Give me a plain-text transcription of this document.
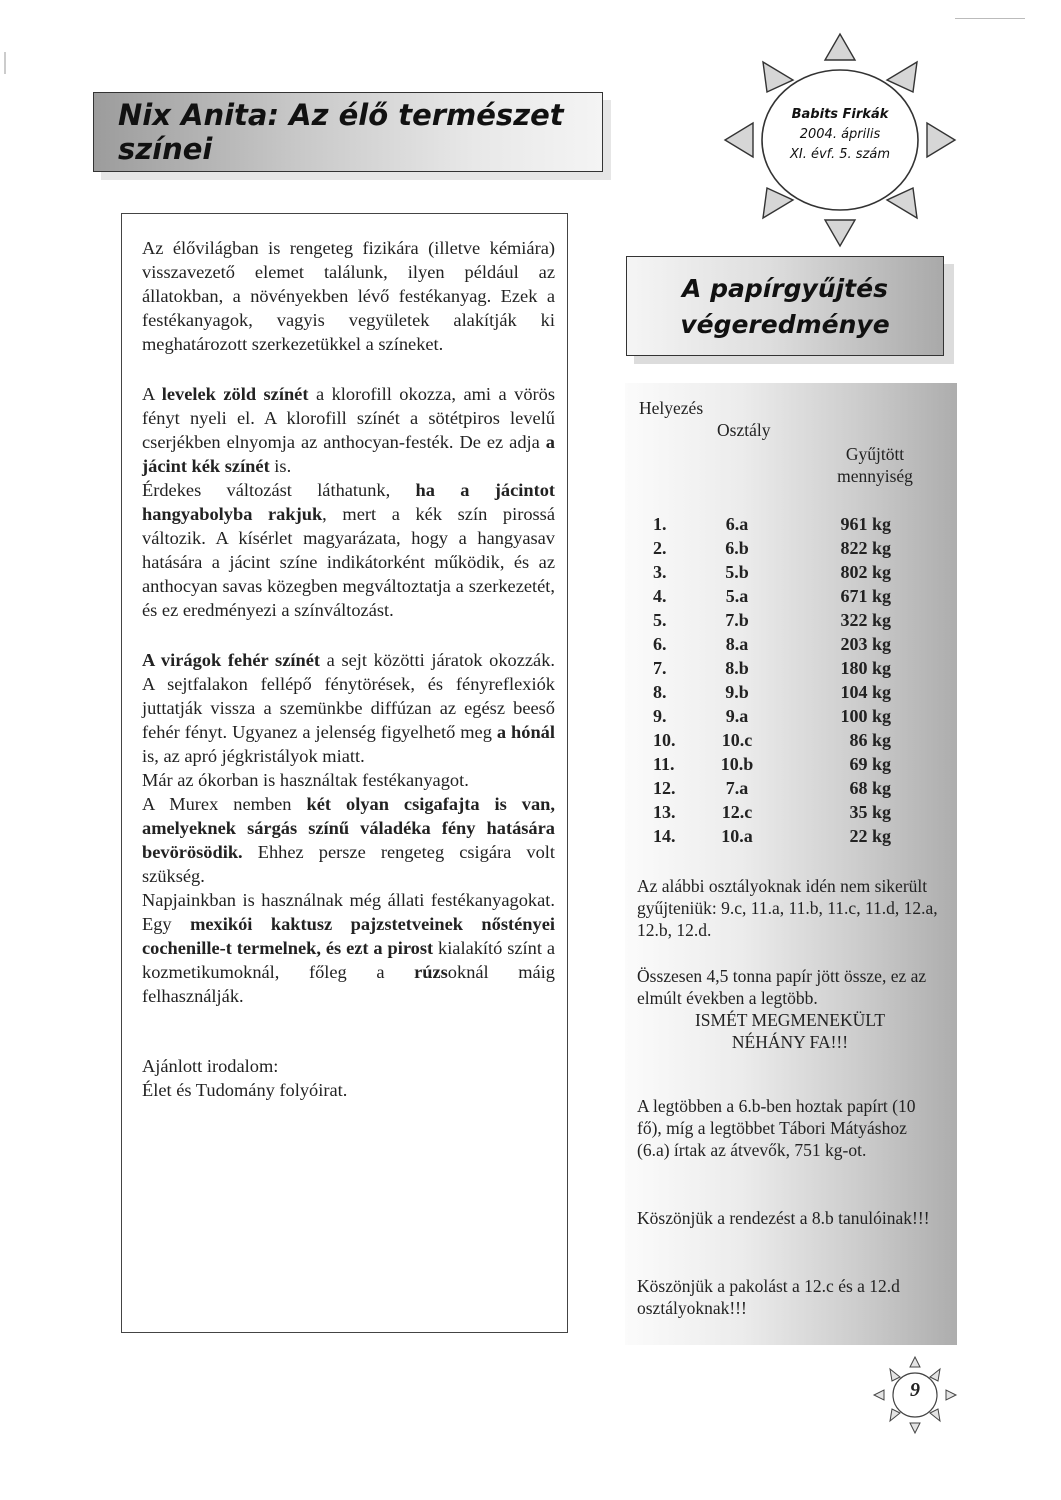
Nix Anita: Az élő természet színei
Babits Firkák
2004. április
XI. évf. 5. szám

Az élővilágban is rengeteg fizikára (illetve kémiára) visszavezető elemet találunk, ilyen például az állatokban, a növényekben lévő festékanyag. Ezek a festékanyagok, vagyis vegyületek alakítják ki meghatározott szerkezetükkel a színeket.

A levelek zöld színét a klorofill okozza, ami a vörös fényt nyeli el. A klorofill színét a sötétpiros levelű cserjékben elnyomja az anthocyan-festék. De ez adja a jácint kék színét is.

Érdekes változást láthatunk, ha a jácintot hangyabolyba rakjuk, mert a kék szín pirossá változik. A kísérlet magyarázata, hogy a hangyasav hatására a jácint színe indikátorként működik, és az anthocyan savas közegben megváltoztatja a szerkezetét, és ez eredményezi a színváltozást.

A virágok fehér színét a sejt közötti járatok okozzák. A sejtfalakon fellépő fénytörések, és fényreflexiók juttatják vissza a szemünkbe diffúzan az egész beeső fehér fényt. Ugyanez a jelenség figyelhető meg a hónál is, az apró jégkristályok miatt.

Már az ókorban is használtak festékanyagot.

A Murex nemben két olyan csigafajta is van, amelyeknek sárgás színű váladéka fény hatására bevörösödik. Ehhez persze rengeteg csigára volt szükség.

Napjainkban is használnak még állati festékanyagokat. Egy mexikói kaktusz pajzstetveinek nőstényei cochenille-t termelnek, és ezt a pirost kialakító színt a kozmetikumoknál, főleg a rúzsoknál máig felhasználják.

Ajánlott irodalom:

Élet és Tudomány folyóirat.

A papírgyűjtés
végeredménye
Helyezés
Osztály
Gyűjtött
mennyiség
1.	6.a	961 kg
2.	6.b	822 kg
3.	5.b	802 kg
4.	5.a	671 kg
5.	7.b	322 kg
6.	8.a	203 kg
7.	8.b	180 kg
8.	9.b	104 kg
9.	9.a	100 kg
10.	10.c	86 kg
11.	10.b	69 kg
12.	7.a	68 kg
13.	12.c	35 kg
14.	10.a	22 kg
Az alábbi osztályoknak idén nem sikerült gyűjteniük: 9.c, 11.a, 11.b, 11.c, 11.d, 12.a, 12.b, 12.d.
Összesen 4,5 tonna papír jött össze, ez az elmúlt években a legtöbb.
ISMÉT MEGMENEKÜLT
NÉHÁNY FA!!!
A legtöbben a 6.b-ben hoztak papírt (10 fő), míg a legtöbbet Tábori Mátyáshoz (6.a) írtak az átvevők, 751 kg-ot.
Köszönjük a rendezést a 8.b tanulóinak!!!
Köszönjük a pakolást a 12.c és a 12.d osztályoknak!!!
9
